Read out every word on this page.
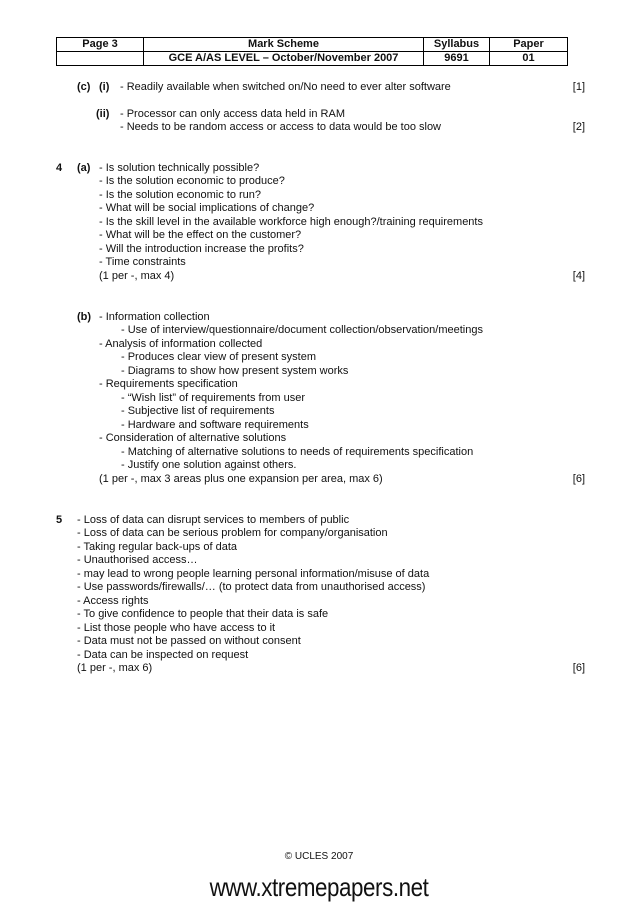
Page 3	Mark Scheme	Syllabus	Paper
	GCE A/AS LEVEL – October/November 2007	9691	01
(c) (i) - Readily available when switched on/No need to ever alter software	[1]
(ii) - Processor can only access data held in RAM
- Needs to be random access or access to data would be too slow	[2]
4 (a) - Is solution technically possible?
- Is the solution economic to produce?
- Is the solution economic to run?
- What will be social implications of change?
- Is the skill level in the available workforce high enough?/training requirements
- What will be the effect on the customer?
- Will the introduction increase the profits?
- Time constraints
(1 per -, max 4)	[4]
(b) - Information collection
- Use of interview/questionnaire/document collection/observation/meetings
- Analysis of information collected
- Produces clear view of present system
- Diagrams to show how present system works
- Requirements specification
- “Wish list” of requirements from user
- Subjective list of requirements
- Hardware and software requirements
- Consideration of alternative solutions
- Matching of alternative solutions to needs of requirements specification
- Justify one solution against others.
(1 per -, max 3 areas plus one expansion per area, max 6)	[6]
5 - Loss of data can disrupt services to members of public
- Loss of data can be serious problem for company/organisation
- Taking regular back-ups of data
- Unauthorised access…
- may lead to wrong people learning personal information/misuse of data
- Use passwords/firewalls/… (to protect data from unauthorised access)
- Access rights
- To give confidence to people that their data is safe
- List those people who have access to it
- Data must not be passed on without consent
- Data can be inspected on request
(1 per -, max 6)	[6]
© UCLES 2007
www.xtremepapers.net
